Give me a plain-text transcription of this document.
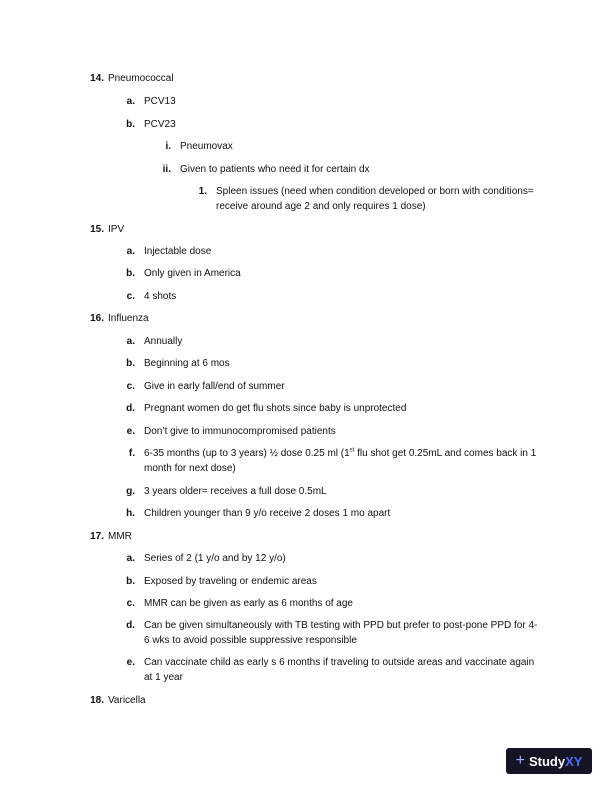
14. Pneumococcal
a. PCV13
b. PCV23
i. Pneumovax
ii. Given to patients who need it for certain dx
1. Spleen issues (need when condition developed or born with conditions=
receive around age 2 and only requires 1 dose)
15. IPV
a. Injectable dose
b. Only given in America
c. 4 shots
16. Influenza
a. Annually
b. Beginning at 6 mos
c. Give in early fall/end of summer
d. Pregnant women do get flu shots since baby is unprotected
e. Don’t give to immunocompromised patients
f. 6-35 months (up to 3 years) ½ dose 0.25 ml (1st flu shot get 0.25mL and comes back in 1
month for next dose)
g. 3 years older= receives a full dose 0.5mL
h. Children younger than 9 y/o receive 2 doses 1 mo apart
17. MMR
a. Series of 2 (1 y/o and by 12 y/o)
b. Exposed by traveling or endemic areas
c. MMR can be given as early as 6 months of age
d. Can be given simultaneously with TB testing with PPD but prefer to post-pone PPD for 4-
6 wks to avoid possible suppressive responsible
e. Can vaccinate child as early s 6 months if traveling to outside areas and vaccinate again
at 1 year
18. Varicella
+ Study XY
